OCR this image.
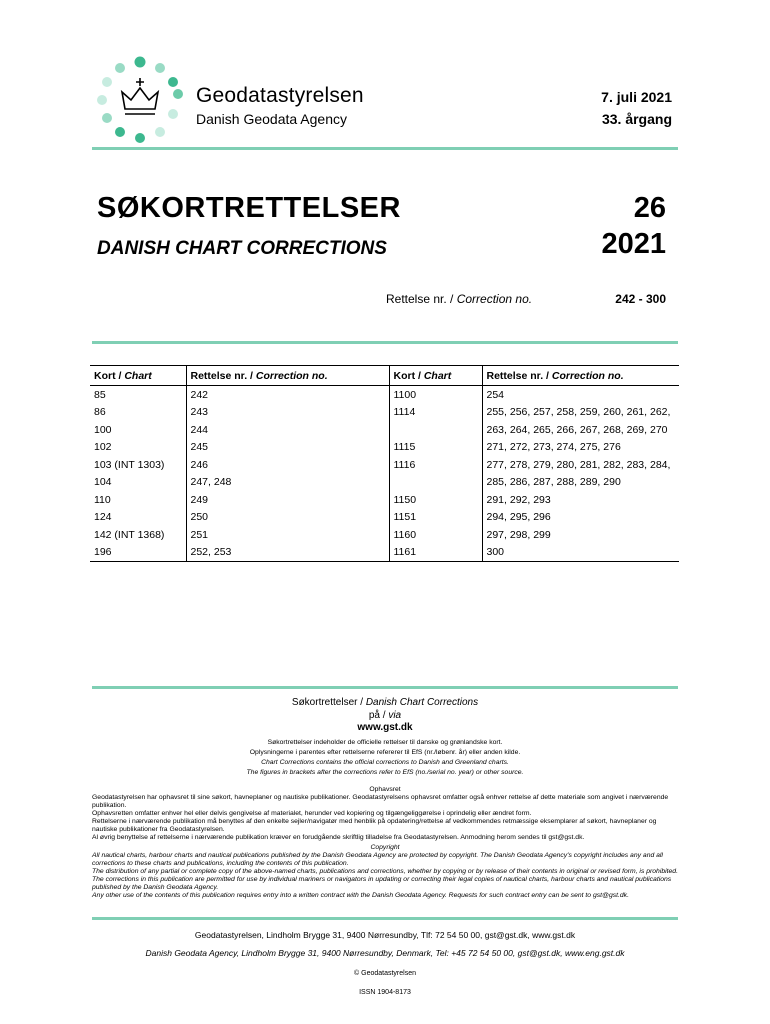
Geodatastyrelsen
Danish Geodata Agency
7. juli 2021
33. årgang
SØKORTRETTELSER
DANISH CHART CORRECTIONS
26
2021
Rettelse nr. / Correction no.	242 - 300
Kort / Chart	Rettelse nr. / Correction no.	Kort / Chart	Rettelse nr. / Correction no.
85	242	1100	254
86	243	1114	255, 256, 257, 258, 259, 260, 261, 262,
100	244		263, 264, 265, 266, 267, 268, 269, 270
102	245	1115	271, 272, 273, 274, 275, 276
103 (INT 1303)	246	1116	277, 278, 279, 280, 281, 282, 283, 284,
104	247, 248		285, 286, 287, 288, 289, 290
110	249	1150	291, 292, 293
124	250	1151	294, 295, 296
142 (INT 1368)	251	1160	297, 298, 299
196	252, 253	1161	300
Søkortrettelser / Danish Chart Corrections
på / via
www.gst.dk
Søkortrettelser indeholder de officielle rettelser til danske og grønlandske kort.
Oplysningerne i parentes efter rettelserne refererer til EfS (nr./løbenr. år) eller anden kilde.
Chart Corrections contains the official corrections to Danish and Greenland charts.
The figures in brackets after the corrections refer to EfS (no./serial no. year) or other source.
Ophavsret
Geodatastyrelsen har ophavsret til sine søkort, havneplaner og nautiske publikationer. Geodatastyrelsens ophavsret omfatter også enhver rettelse af dette materiale som angivet i nærværende publikation.
Ophavsretten omfatter enhver hel eller delvis gengivelse af materialet, herunder ved kopiering og tilgængeliggørelse i oprindelig eller ændret form.
Rettelserne i nærværende publikation må benyttes af den enkelte sejler/navigatør med henblik på opdatering/rettelse af vedkommendes retmæssige eksemplarer af søkort, havneplaner og nautiske publikationer fra Geodatastyrelsen.
Al øvrig benyttelse af rettelserne i nærværende publikation kræver en forudgående skriftlig tilladelse fra Geodatastyrelsen. Anmodning herom sendes til gst@gst.dk.
Copyright
All nautical charts, harbour charts and nautical publications published by the Danish Geodata Agency are protected by copyright. The Danish Geodata Agency's copyright includes any and all corrections to these charts and publications, including the contents of this publication.
The distribution of any partial or complete copy of the above-named charts, publications and corrections, whether by copying or by release of their contents in original or revised form, is prohibited.
The corrections in this publication are permitted for use by individual mariners or navigators in updating or correcting their legal copies of nautical charts, harbour charts and nautical publications published by the Danish Geodata Agency.
Any other use of the contents of this publication requires entry into a written contract with the Danish Geodata Agency. Requests for such contract entry can be sent to gst@gst.dk.
Geodatastyrelsen, Lindholm Brygge 31, 9400 Nørresundby, Tlf: 72 54 50 00, gst@gst.dk, www.gst.dk
Danish Geodata Agency, Lindholm Brygge 31, 9400 Nørresundby, Denmark, Tel: +45 72 54 50 00, gst@gst.dk, www.eng.gst.dk
© Geodatastyrelsen
ISSN 1904-8173
